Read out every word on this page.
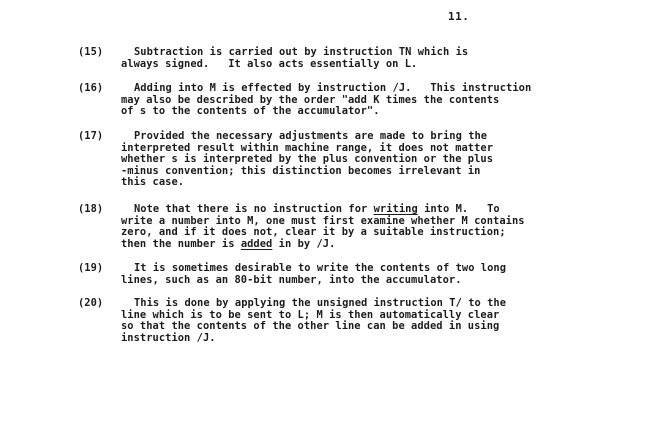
11.
(15)	Subtraction is carried out by instruction TN which is
always signed.   It also acts essentially on L.
(16)	Adding into M is effected by instruction /J.   This instruction
may also be described by the order "add K times the contents
of s to the contents of the accumulator".
(17)	Provided the necessary adjustments are made to bring the
interpreted result within machine range, it does not matter
whether s is interpreted by the plus convention or the plus
-minus convention; this distinction becomes irrelevant in
this case.
(18)	Note that there is no instruction for writing into M.   To
write a number into M, one must first examine whether M contains
zero, and if it does not, clear it by a suitable instruction;
then the number is added in by /J.
(19)	It is sometimes desirable to write the contents of two long
lines, such as an 80-bit number, into the accumulator.
(20)	This is done by applying the unsigned instruction T/ to the
line which is to be sent to L; M is then automatically clear
so that the contents of the other line can be added in using
instruction /J.
